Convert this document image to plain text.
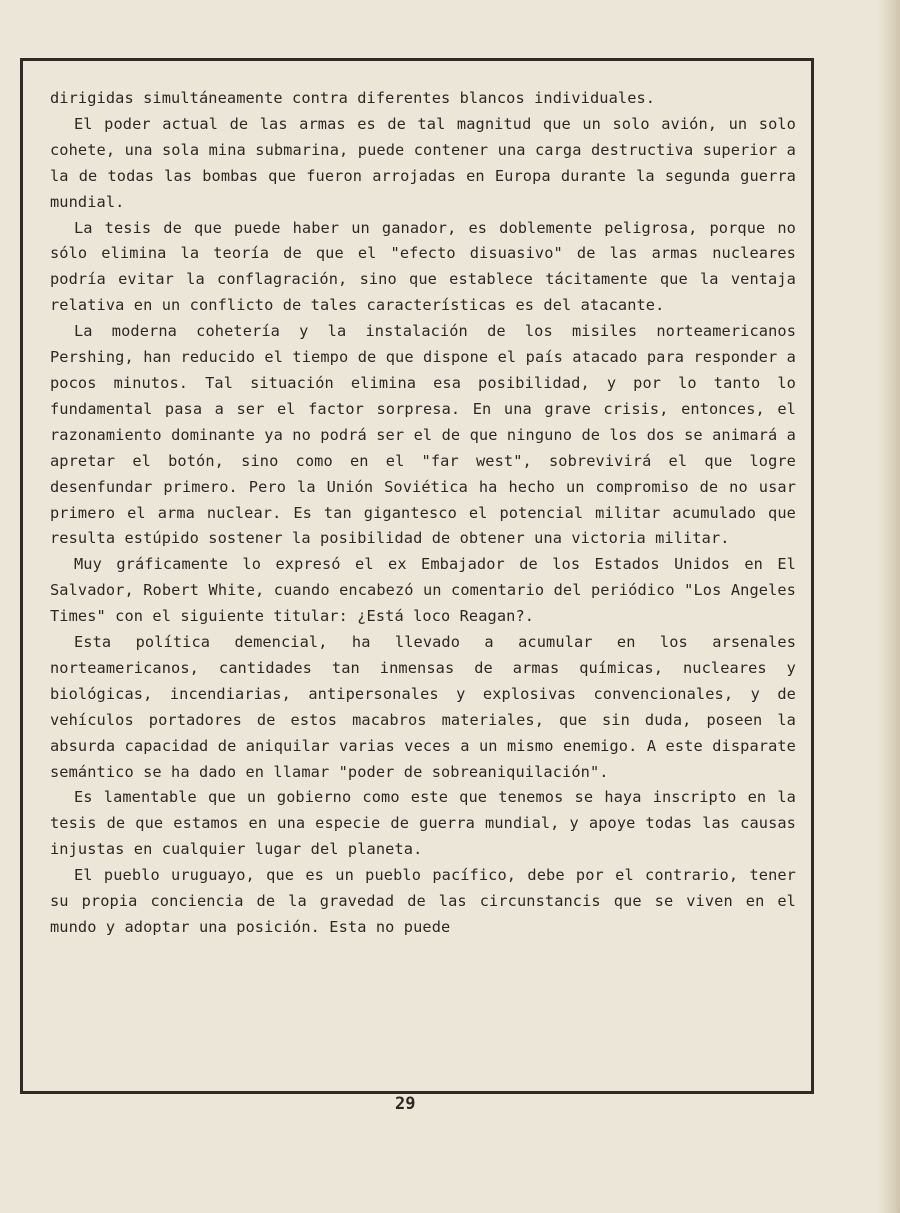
dirigidas simultáneamente contra diferentes blancos individuales.

El poder actual de las armas es de tal magnitud que un solo avión, un solo cohete, una sola mina submarina, puede contener una carga destructiva superior a la de todas las bombas que fueron arrojadas en Europa durante la segunda guerra mundial.

La tesis de que puede haber un ganador, es doblemente peligrosa, porque no sólo elimina la teoría de que el "efecto disuasivo" de las armas nucleares podría evitar la conflagración, sino que establece tácitamente que la ventaja relativa en un conflicto de tales características es del atacante.

La moderna cohetería y la instalación de los misiles norteamericanos Pershing, han reducido el tiempo de que dispone el país atacado para responder a pocos minutos. Tal situación elimina esa posibilidad, y por lo tanto lo fundamental pasa a ser el factor sorpresa. En una grave crisis, entonces, el razonamiento dominante ya no podrá ser el de que ninguno de los dos se animará a apretar el botón, sino como en el "far west", sobrevivirá el que logre desenfundar primero. Pero la Unión Soviética ha hecho un compromiso de no usar primero el arma nuclear. Es tan gigantesco el potencial militar acumulado que resulta estúpido sostener la posibilidad de obtener una victoria militar.

Muy gráficamente lo expresó el ex Embajador de los Estados Unidos en El Salvador, Robert White, cuando encabezó un comentario del periódico "Los Angeles Times" con el siguiente titular: ¿Está loco Reagan?.

Esta política demencial, ha llevado a acumular en los arsenales norteamericanos, cantidades tan inmensas de armas químicas, nucleares y biológicas, incendiarias, antipersonales y explosivas convencionales, y de vehículos portadores de estos macabros materiales, que sin duda, poseen la absurda capacidad de aniquilar varias veces a un mismo enemigo. A este disparate semántico se ha dado en llamar "poder de sobreaniquilación".

Es lamentable que un gobierno como este que tenemos se haya inscripto en la tesis de que estamos en una especie de guerra mundial, y apoye todas las causas injustas en cualquier lugar del planeta.

El pueblo uruguayo, que es un pueblo pacífico, debe por el contrario, tener su propia conciencia de la gravedad de las circunstancis que se viven en el mundo y adoptar una posición. Esta no puede

29
